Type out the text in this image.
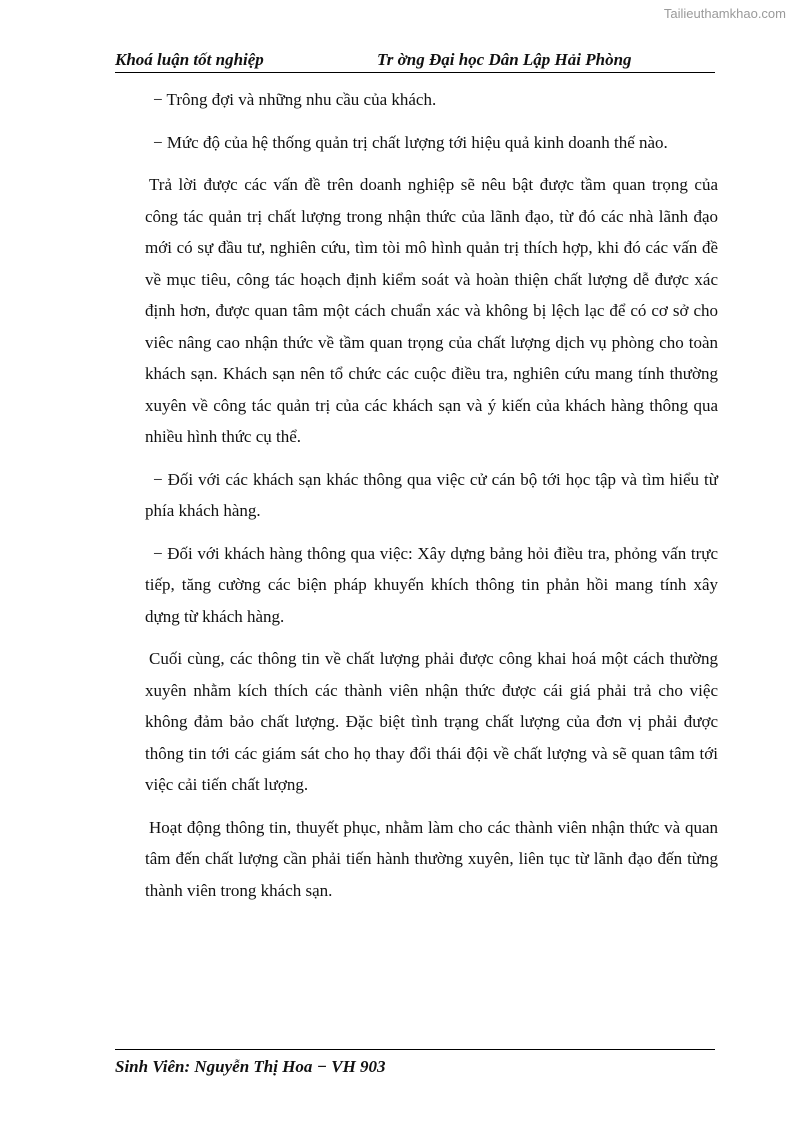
Tailieuthamkhao.com
Khoá luận tốt nghiệp	Tr ờng Đại học Dân Lập Hải Phòng

− Trông đợi và những nhu cầu của khách.

− Mức độ của hệ thống quản trị chất lượng tới hiệu quả kinh doanh thế nào.

Trả lời được các vấn đề trên doanh nghiệp sẽ nêu bật được tầm quan trọng của công tác quản trị chất lượng trong nhận thức của lãnh đạo, từ đó các nhà lãnh đạo mới có sự đầu tư, nghiên cứu, tìm tòi mô hình quản trị thích hợp, khi đó các vấn đề về mục tiêu, công tác hoạch định kiểm soát và hoàn thiện chất lượng dễ được xác định hơn, được quan tâm một cách chuẩn xác và không bị lệch lạc để có cơ sở cho viêc nâng cao nhận thức về tầm quan trọng của chất lượng dịch vụ phòng cho toàn khách sạn. Khách sạn nên tổ chức các cuộc điều tra, nghiên cứu mang tính thường xuyên về công tác quản trị của các khách sạn và ý kiến của khách hàng thông qua nhiều hình thức cụ thể.

− Đối với các khách sạn khác thông qua việc cử cán bộ tới học tập và tìm hiểu từ phía khách hàng.

− Đối với khách hàng thông qua việc: Xây dựng bảng hỏi điều tra, phỏng vấn trực tiếp, tăng cường các biện pháp khuyến khích thông tin phản hồi mang tính xây dựng từ khách hàng.

Cuối cùng, các thông tin về chất lượng phải được công khai hoá một cách thường xuyên nhằm kích thích các thành viên nhận thức được cái giá phải trả cho việc không đảm bảo chất lượng. Đặc biệt tình trạng chất lượng của đơn vị phải được thông tin tới các giám sát cho họ thay đổi thái đội về chất lượng và sẽ quan tâm tới việc cải tiến chất lượng.

Hoạt động thông tin, thuyết phục, nhằm làm cho các thành viên nhận thức và quan tâm đến chất lượng cần phải tiến hành thường xuyên, liên tục từ lãnh đạo đến từng thành viên trong khách sạn.

Sinh Viên: Nguyễn Thị Hoa − VH 903
